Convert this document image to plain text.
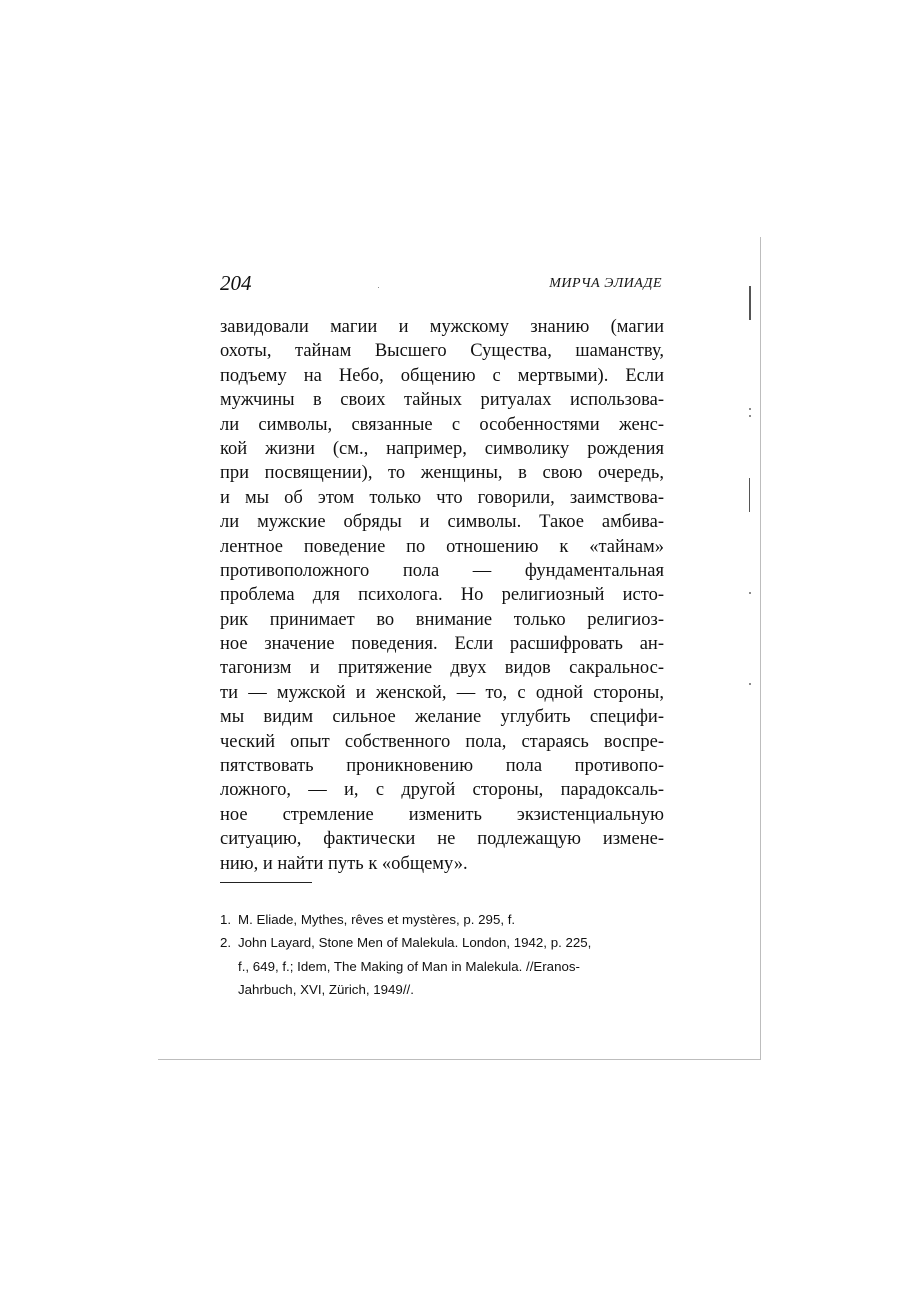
204	МИРЧА ЭЛИАДЕ
завидовали магии и мужскому знанию (магии
охоты, тайнам Высшего Существа, шаманству,
подъему на Небо, общению с мертвыми). Если
мужчины в своих тайных ритуалах использова-
ли символы, связанные с особенностями женс-
кой жизни (см., например, символику рождения
при посвящении), то женщины, в свою очередь,
и мы об этом только что говорили, заимствова-
ли мужские обряды и символы. Такое амбива-
лентное поведение по отношению к «тайнам»
противоположного пола — фундаментальная
проблема для психолога. Но религиозный исто-
рик принимает во внимание только религиоз-
ное значение поведения. Если расшифровать ан-
тагонизм и притяжение двух видов сакральнос-
ти — мужской и женской, — то, с одной стороны,
мы видим сильное желание углубить специфи-
ческий опыт собственного пола, стараясь воспре-
пятствовать проникновению пола противопо-
ложного, — и, с другой стороны, парадоксаль-
ное стремление изменить экзистенциальную
ситуацию, фактически не подлежащую измене-
нию, и найти путь к «общему».
1. M. Eliade, Mythes, rêves et mystères, p. 295, f.
2. John Layard, Stone Men of Malekula. London, 1942, p. 225,
f., 649, f.; Idem, The Making of Man in Malekula. //Eranos-
Jahrbuch, XVI, Zürich, 1949//.
